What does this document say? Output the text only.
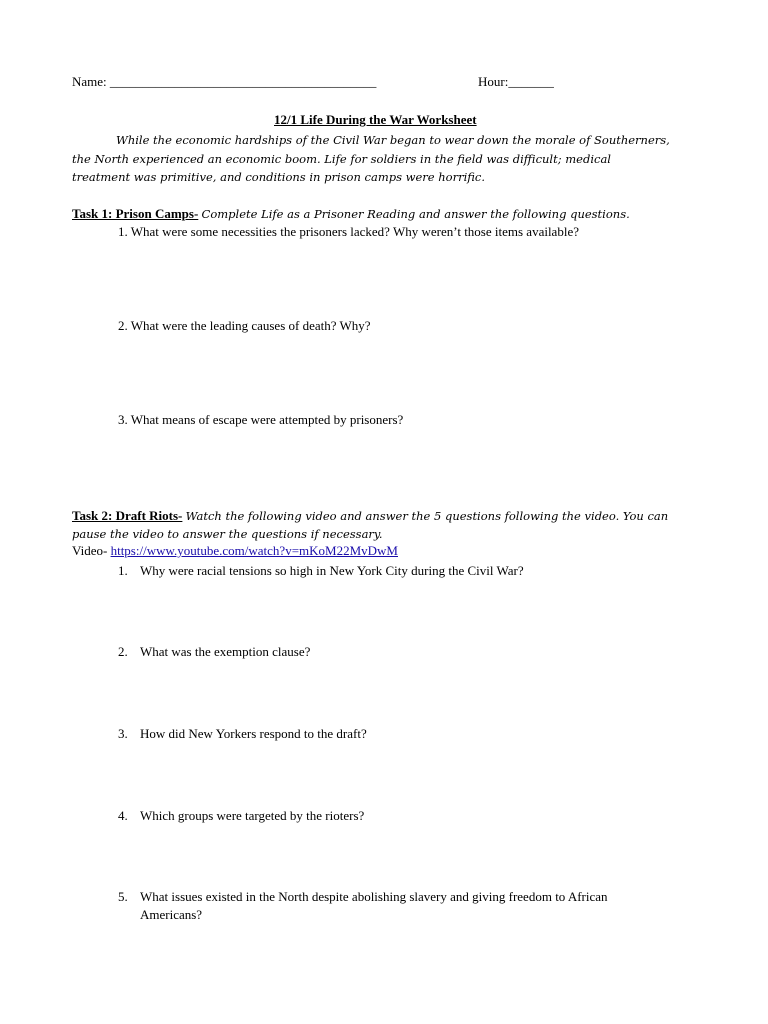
Name: _________________________________________	Hour:_______
12/1 Life During the War Worksheet
While the economic hardships of the Civil War began to wear down the morale of Southerners, the North experienced an economic boom. Life for soldiers in the field was difficult; medical treatment was primitive, and conditions in prison camps were horrific.
Task 1: Prison Camps- Complete Life as a Prisoner Reading and answer the following questions.
1. What were some necessities the prisoners lacked? Why weren’t those items available?
2. What were the leading causes of death? Why?
3. What means of escape were attempted by prisoners?
Task 2: Draft Riots- Watch the following video and answer the 5 questions following the video. You can pause the video to answer the questions if necessary.
Video- https://www.youtube.com/watch?v=mKoM22MvDwM
1. Why were racial tensions so high in New York City during the Civil War?
2. What was the exemption clause?
3. How did New Yorkers respond to the draft?
4. Which groups were targeted by the rioters?
5. What issues existed in the North despite abolishing slavery and giving freedom to African
Americans?
